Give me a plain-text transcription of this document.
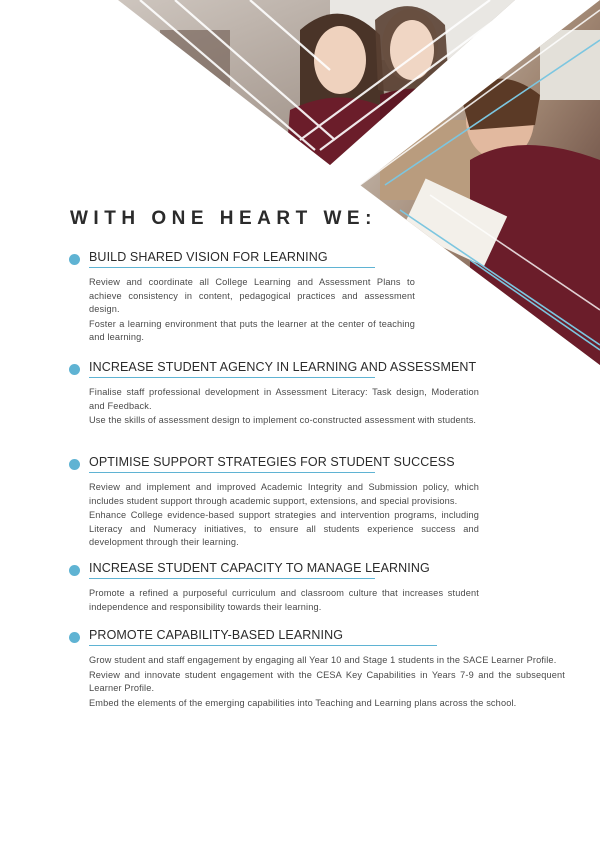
WITH ONE HEART WE:
BUILD SHARED VISION FOR LEARNING

Review and coordinate all College Learning and Assessment Plans to achieve consistency in content, pedagogical practices and assessment design.

Foster a learning environment that puts the learner at the center of teaching and learning.

INCREASE STUDENT AGENCY IN LEARNING AND ASSESSMENT

Finalise staff professional development in Assessment Literacy: Task design, Moderation and Feedback.

Use the skills of assessment design to implement co-constructed assessment with students.

OPTIMISE SUPPORT STRATEGIES FOR STUDENT SUCCESS

Review and implement and improved Academic Integrity and Submission policy, which includes student support through academic support, extensions, and special provisions.

Enhance College evidence-based support strategies and intervention programs, including Literacy and Numeracy initiatives, to ensure all students experience success and development through their learning.

INCREASE STUDENT CAPACITY TO MANAGE LEARNING

Promote a refined a purposeful curriculum and classroom culture that increases student independence and responsibility towards their learning.

PROMOTE CAPABILITY-BASED LEARNING

Grow student and staff engagement by engaging all Year 10 and Stage 1 students in the SACE Learner Profile.

Review and innovate student engagement with the CESA Key Capabilities in Years 7-9 and the subsequent Learner Profile.

Embed the elements of the emerging capabilities into Teaching and Learning plans across the school.
